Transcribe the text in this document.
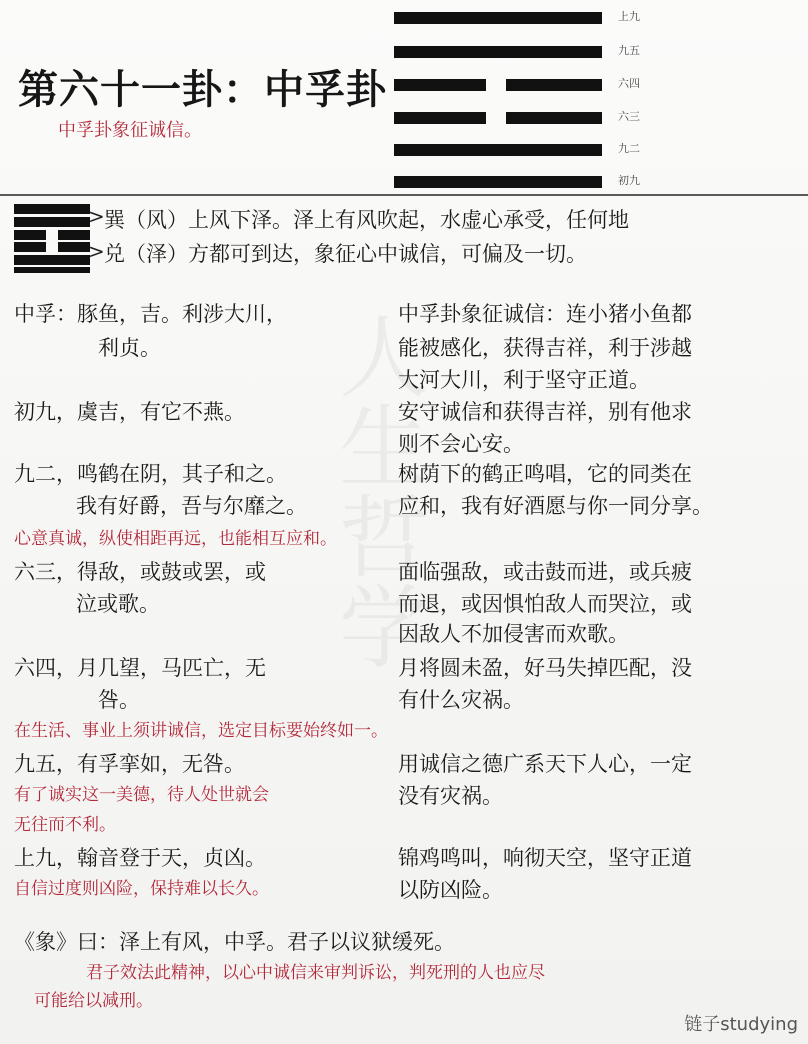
人生哲学
第六十一卦：中孚卦
中孚卦象征诚信。
上九
九五
六四
六三
九二
初九
>
>
巽（风）上风下泽。泽上有风吹起，水虚心承受，任何地
兑（泽）方都可到达，象征心中诚信，可偏及一切。
中孚：豚鱼，吉。利涉大川，
利贞。
初九，虞吉，有它不燕。
九二，鸣鹤在阴，其子和之。
我有好爵，吾与尔靡之。
心意真诚，纵使相距再远，也能相互应和。
六三，得敌，或鼓或罢，或
泣或歌。
六四，月几望，马匹亡，无
咎。
在生活、事业上须讲诚信，选定目标要始终如一。
九五，有孚挛如，无咎。
有了诚实这一美德，待人处世就会
无往而不利。
上九，翰音登于天，贞凶。
自信过度则凶险，保持难以长久。
中孚卦象征诚信：连小猪小鱼都
能被感化，获得吉祥，利于涉越
大河大川，利于坚守正道。
安守诚信和获得吉祥，别有他求
则不会心安。
树荫下的鹤正鸣唱，它的同类在
应和，我有好酒愿与你一同分享。
面临强敌，或击鼓而进，或兵疲
而退，或因惧怕敌人而哭泣，或
因敌人不加侵害而欢歌。
月将圆未盈，好马失掉匹配，没
有什么灾祸。
用诚信之德广系天下人心，一定
没有灾祸。
锦鸡鸣叫，响彻天空，坚守正道
以防凶险。
《象》曰：泽上有风，中孚。君子以议狱缓死。
君子效法此精神，以心中诚信来审判诉讼，判死刑的人也应尽
可能给以减刑。
链子studying
